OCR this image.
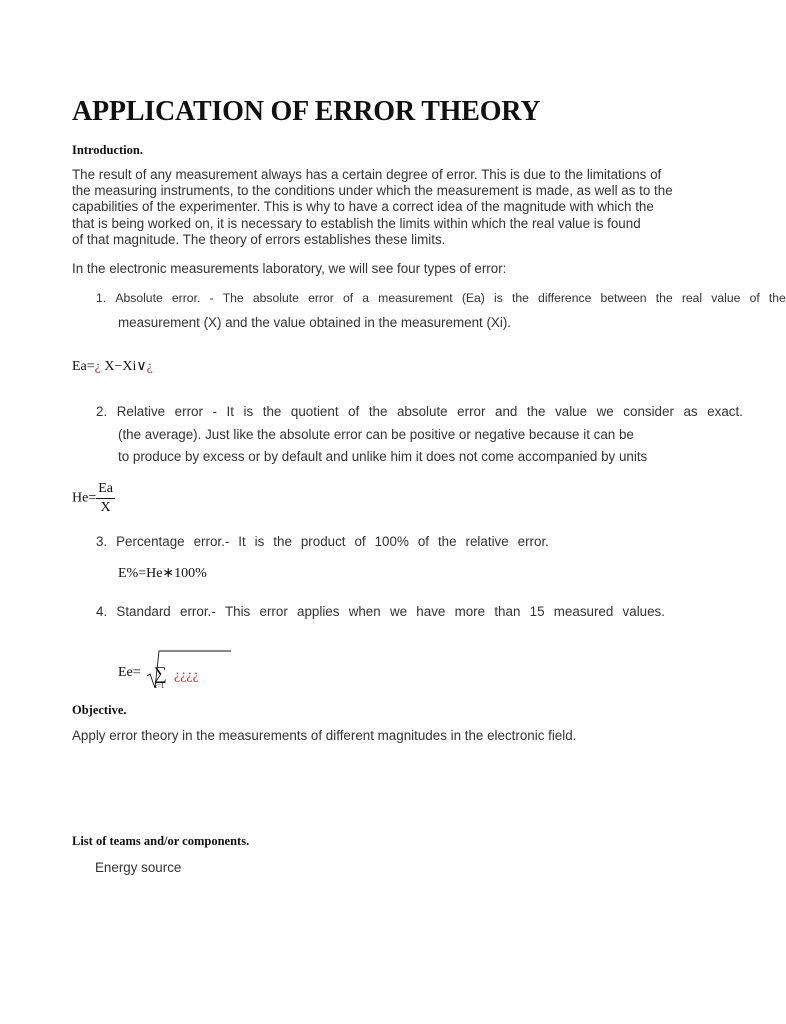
APPLICATION OF ERROR THEORY
Introduction.
The result of any measurement always has a certain degree of error. This is due to the limitations of
the measuring instruments, to the conditions under which the measurement is made, as well as to the
capabilities of the experimenter. This is why to have a correct idea of the magnitude with which the
that is being worked on, it is necessary to establish the limits within which the real value is found
of that magnitude. The theory of errors establishes these limits.
In the electronic measurements laboratory, we will see four types of error:
1. Absolute error. - The absolute error of a measurement (Ea) is the difference between the real value of the
measurement (X) and the value obtained in the measurement (Xi).
Ea=¿ X−Xi∨¿
2. Relative error - It is the quotient of the absolute error and the value we consider as exact.
(the average). Just like the absolute error can be positive or negative because it can be
to produce by excess or by default and unlike him it does not come accompanied by units
$He= \frac{Ea}{X}$
3. Percentage error.- It is the product of 100% of the relative error.
E%=He∗100%
4. Standard error.- This error applies when we have more than 15 measured values.
Ee= ∑
i=1
¿¿¿¿
Objective.
Apply error theory in the measurements of different magnitudes in the electronic field.
List of teams and/or components.
Energy source
